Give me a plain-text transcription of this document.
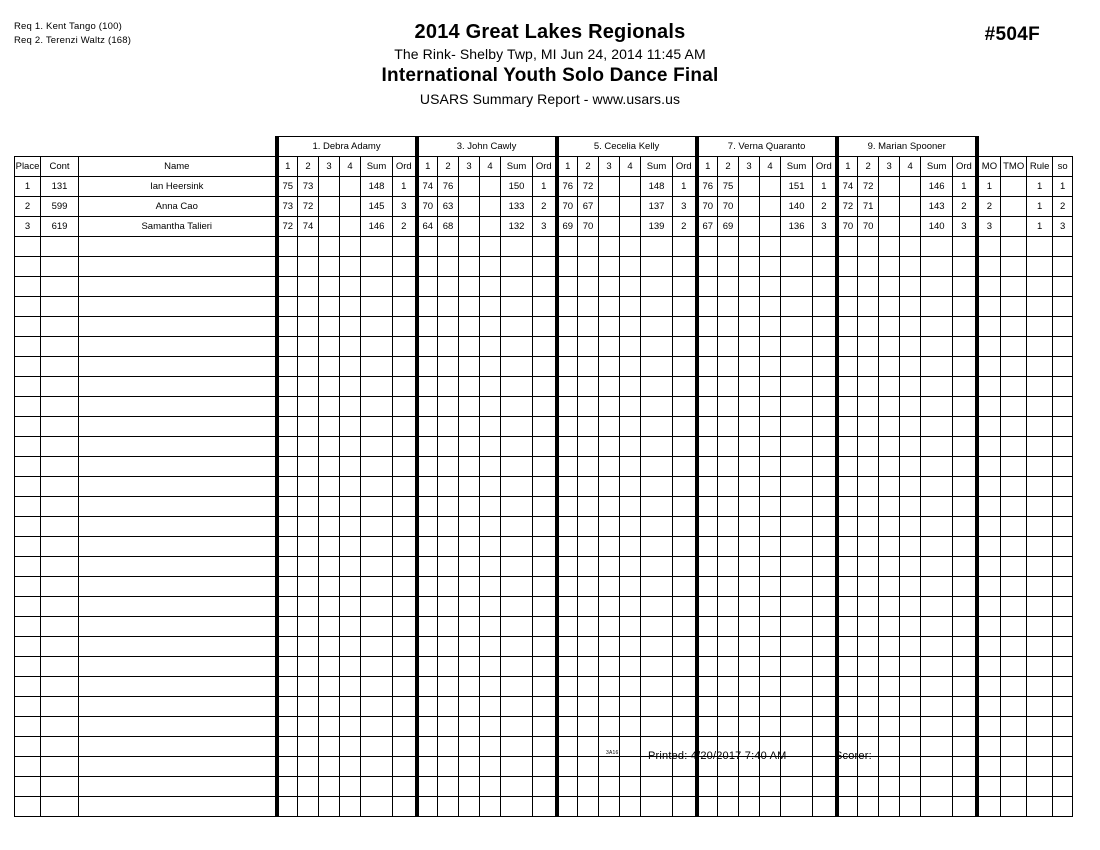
Req 1. Kent Tango (100)
Req 2. Terenzi Waltz (168)	#504F
2014 Great Lakes Regionals
The Rink- Shelby Twp, MI Jun 24, 2014 11:45 AM
International Youth Solo Dance Final
USARS Summary Report - www.usars.us
			1. Debra Adamy						3. John Cawly						5. Cecelia Kelly						7. Verna Quaranto						9. Marian Spooner									
Place	Cont	Name	1	2	3	4	Sum	Ord	1	2	3	4	Sum	Ord	1	2	3	4	Sum	Ord	1	2	3	4	Sum	Ord	1	2	3	4	Sum	Ord	MO	TMO	Rule	so
1	131	Ian Heersink	75	73			148	1	74	76			150	1	76	72			148	1	76	75			151	1	74	72			146	1	1		1	1
2	599	Anna Cao	73	72			145	3	70	63			133	2	70	67			137	3	70	70			140	2	72	71			143	2	2		1	2
3	619	Samantha Talieri	72	74			146	2	64	68			132	3	69	70			139	2	67	69			136	3	70	70			140	3	3		1	3

3A16	Printed: 4/20/2017 7:40 AM	Scorer:
